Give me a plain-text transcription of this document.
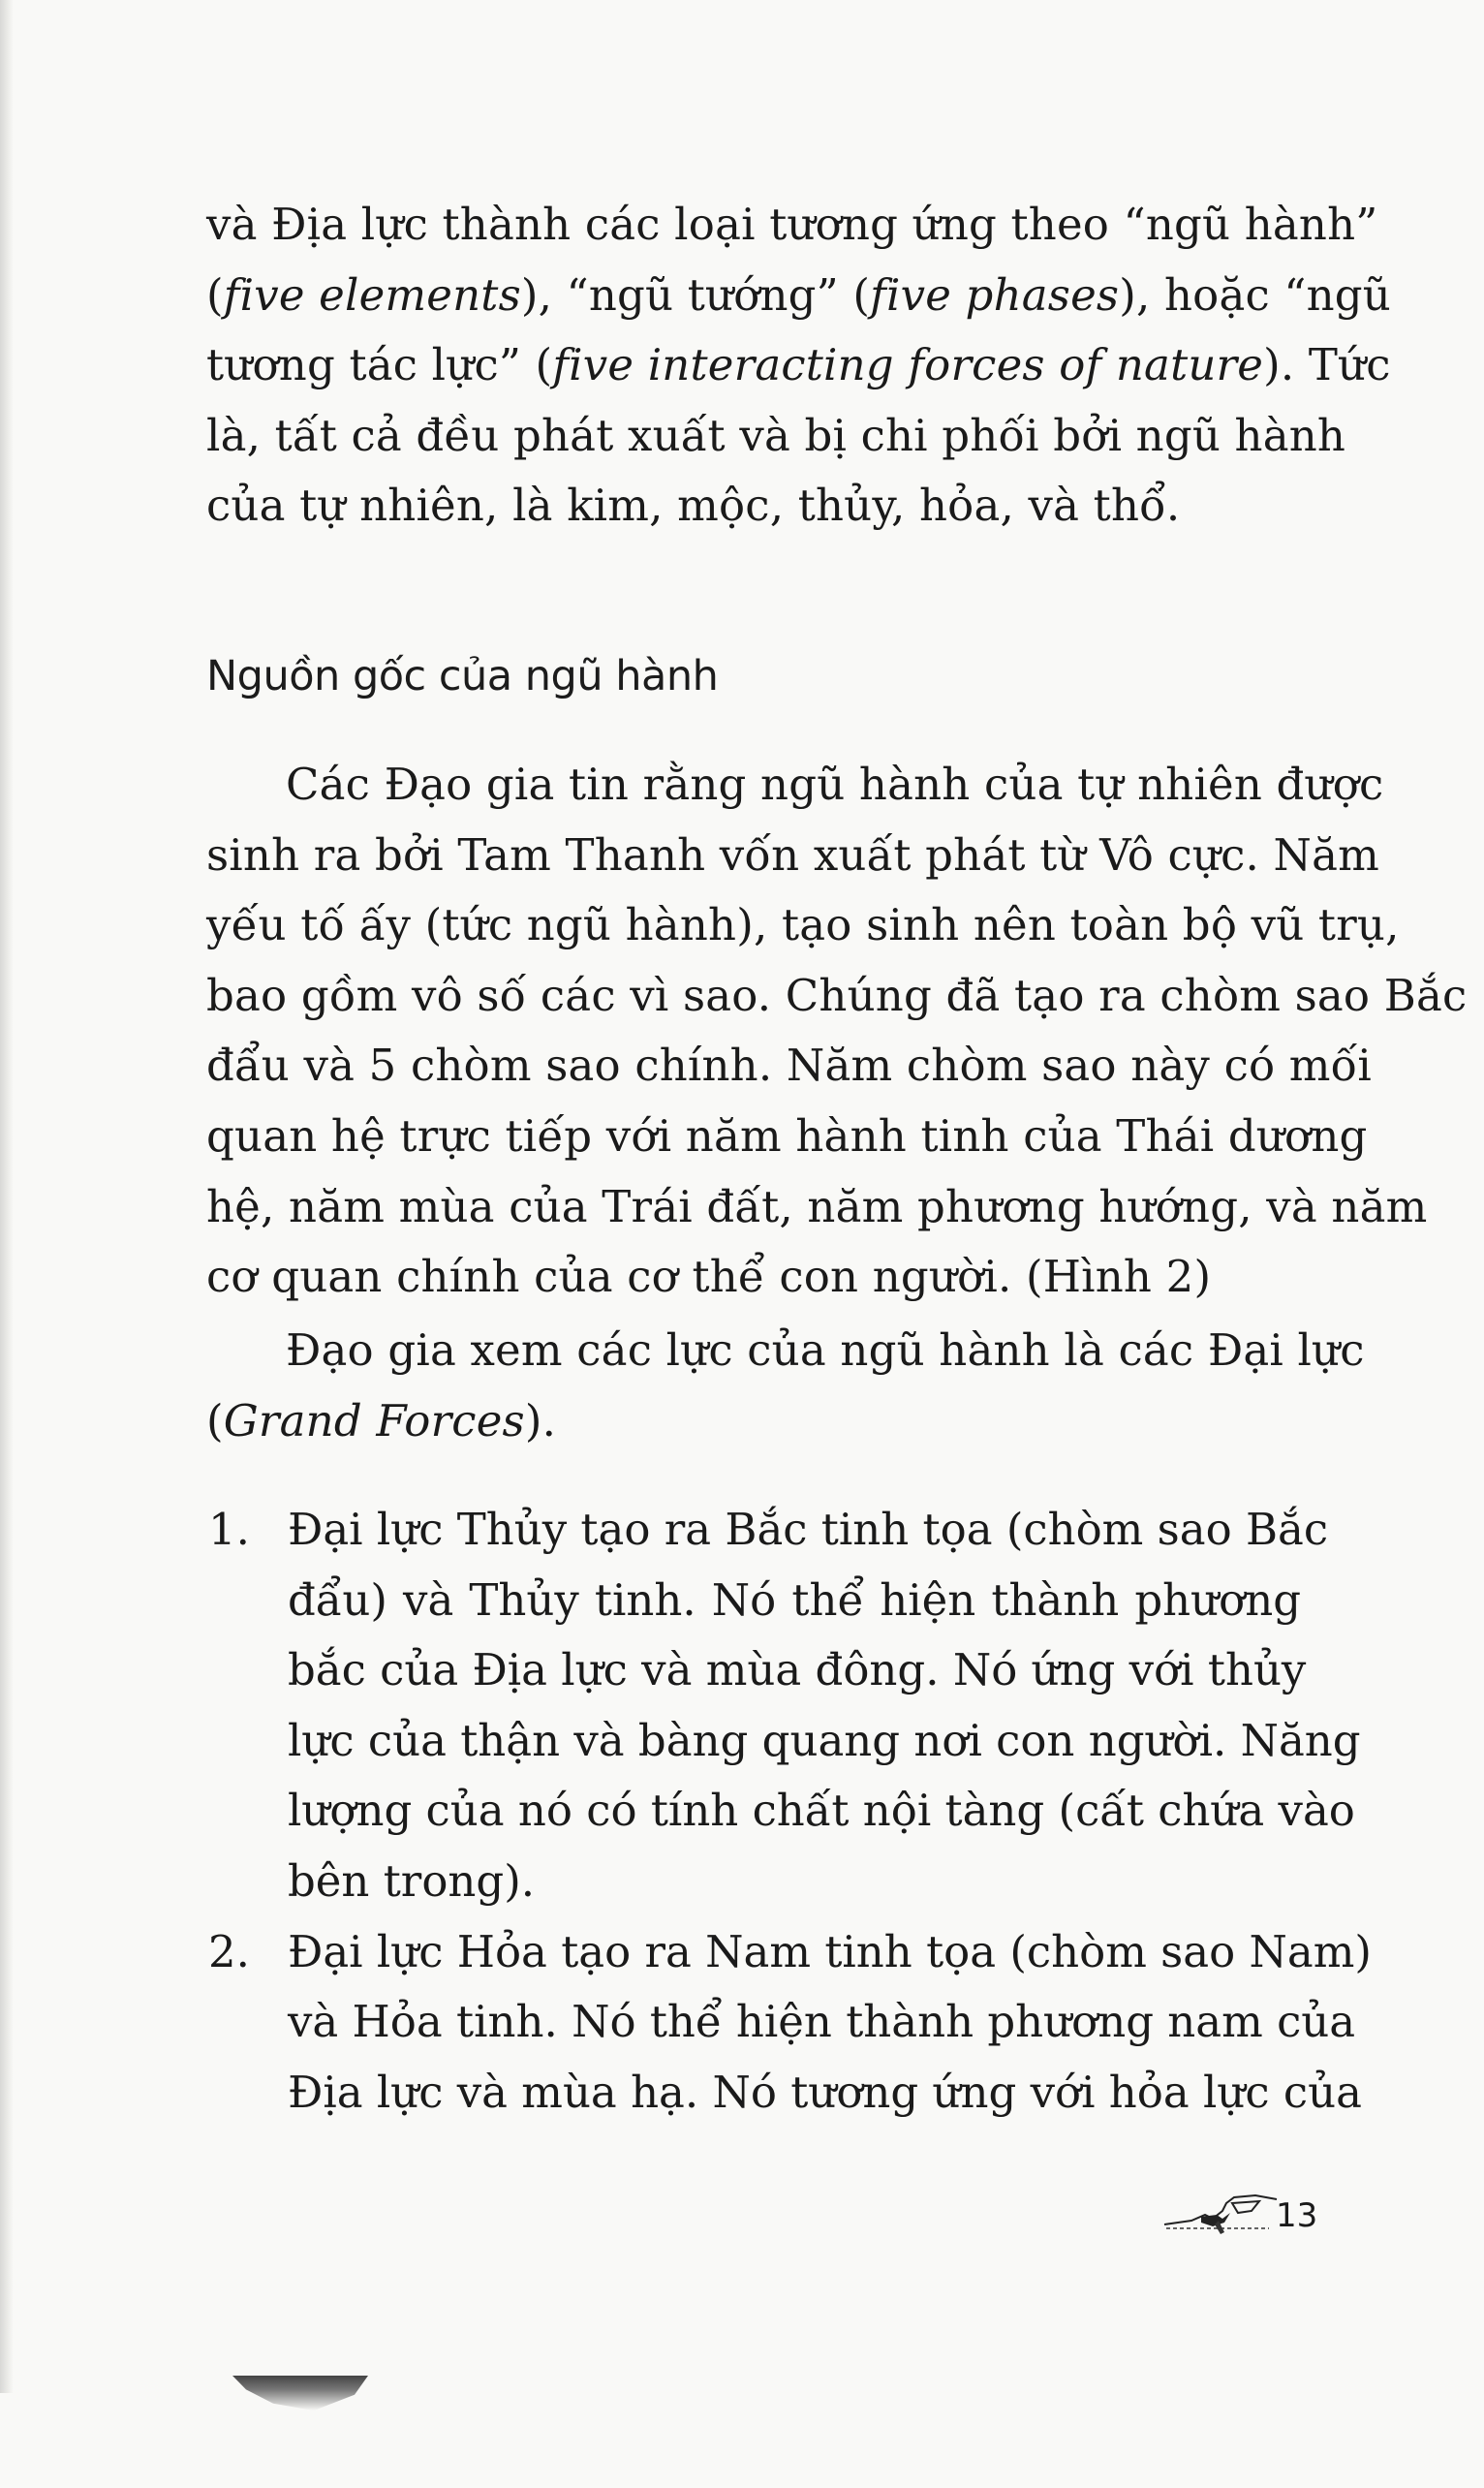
và Địa lực thành các loại tương ứng theo “ngũ hành”
(five elements), “ngũ tướng” (five phases), hoặc “ngũ
tương tác lực” (five interacting forces of nature). Tức
là, tất cả đều phát xuất và bị chi phối bởi ngũ hành
của tự nhiên, là kim, mộc, thủy, hỏa, và thổ.
Nguồn gốc của ngũ hành
Các Đạo gia tin rằng ngũ hành của tự nhiên được
sinh ra bởi Tam Thanh vốn xuất phát từ Vô cực. Năm
yếu tố ấy (tức ngũ hành), tạo sinh nên toàn bộ vũ trụ,
bao gồm vô số các vì sao. Chúng đã tạo ra chòm sao Bắc
đẩu và 5 chòm sao chính. Năm chòm sao này có mối
quan hệ trực tiếp với năm hành tinh của Thái dương
hệ, năm mùa của Trái đất, năm phương hướng, và năm
cơ quan chính của cơ thể con người. (Hình 2)
Đạo gia xem các lực của ngũ hành là các Đại lực
(Grand Forces).
1. Đại lực Thủy tạo ra Bắc tinh tọa (chòm sao Bắc
đẩu) và Thủy tinh. Nó thể hiện thành phương
bắc của Địa lực và mùa đông. Nó ứng với thủy
lực của thận và bàng quang nơi con người. Năng
lượng của nó có tính chất nội tàng (cất chứa vào
bên trong).
2. Đại lực Hỏa tạo ra Nam tinh tọa (chòm sao Nam)
và Hỏa tinh. Nó thể hiện thành phương nam của
Địa lực và mùa hạ. Nó tương ứng với hỏa lực của
13
